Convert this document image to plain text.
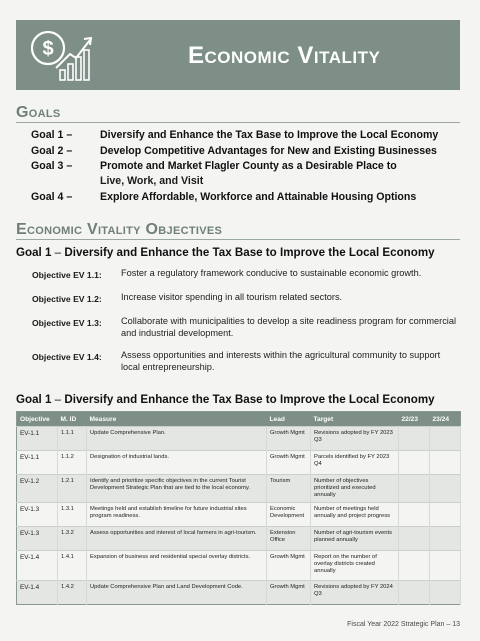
$	Economic Vitality
Goals
Goal 1 –	Diversify and Enhance the Tax Base to Improve the Local Economy
Goal 2 –	Develop Competitive Advantages for New and Existing Businesses
Goal 3 –	Promote and Market Flagler County as a Desirable Place to
Live, Work, and Visit
Goal 4 –	Explore Affordable, Workforce and Attainable Housing Options
Economic Vitality Objectives
Goal 1 – Diversify and Enhance the Tax Base to Improve the Local Economy
Objective EV 1.1: Foster a regulatory framework conducive to sustainable economic growth.
Objective EV 1.2: Increase visitor spending in all tourism related sectors.
Objective EV 1.3: Collaborate with municipalities to develop a site readiness program for commercial and industrial development.
Objective EV 1.4: Assess opportunities and interests within the agricultural community to support local entrepreneurship.
Goal 1 – Diversify and Enhance the Tax Base to Improve the Local Economy
Objective	M. ID	Measure	Lead	Target	22/23	23/24
EV-1.1	1.1.1	Update Comprehensive Plan.	Growth Mgmt	Revisions adopted by FY 2023 Q3		
EV-1.1	1.1.2	Designation of industrial lands.	Growth Mgmt	Parcels identified by FY 2023 Q4		
EV-1.2	1.2.1	Identify and prioritize specific objectives in the current Tourist Development Strategic Plan that are tied to the local economy.	Tourism	Number of objectives prioritized and executed annually		
EV-1.3	1.3.1	Meetings held and establish timeline for future industrial sites program readiness.	Economic Development	Number of meetings held annually and project progress		
EV-1.3	1.3.2	Assess opportunities and interest of local farmers in agri-tourism.	Extension Office	Number of agri-tourism events planned annually		
EV-1.4	1.4.1	Expansion of business and residential special overlay districts.	Growth Mgmt	Report on the number of overlay districts created annually		
EV-1.4	1.4.2	Update Comprehensive Plan and Land Development Code.	Growth Mgmt	Revisions adopted by FY 2024 Q3		
Fiscal Year 2022 Strategic Plan – 13
